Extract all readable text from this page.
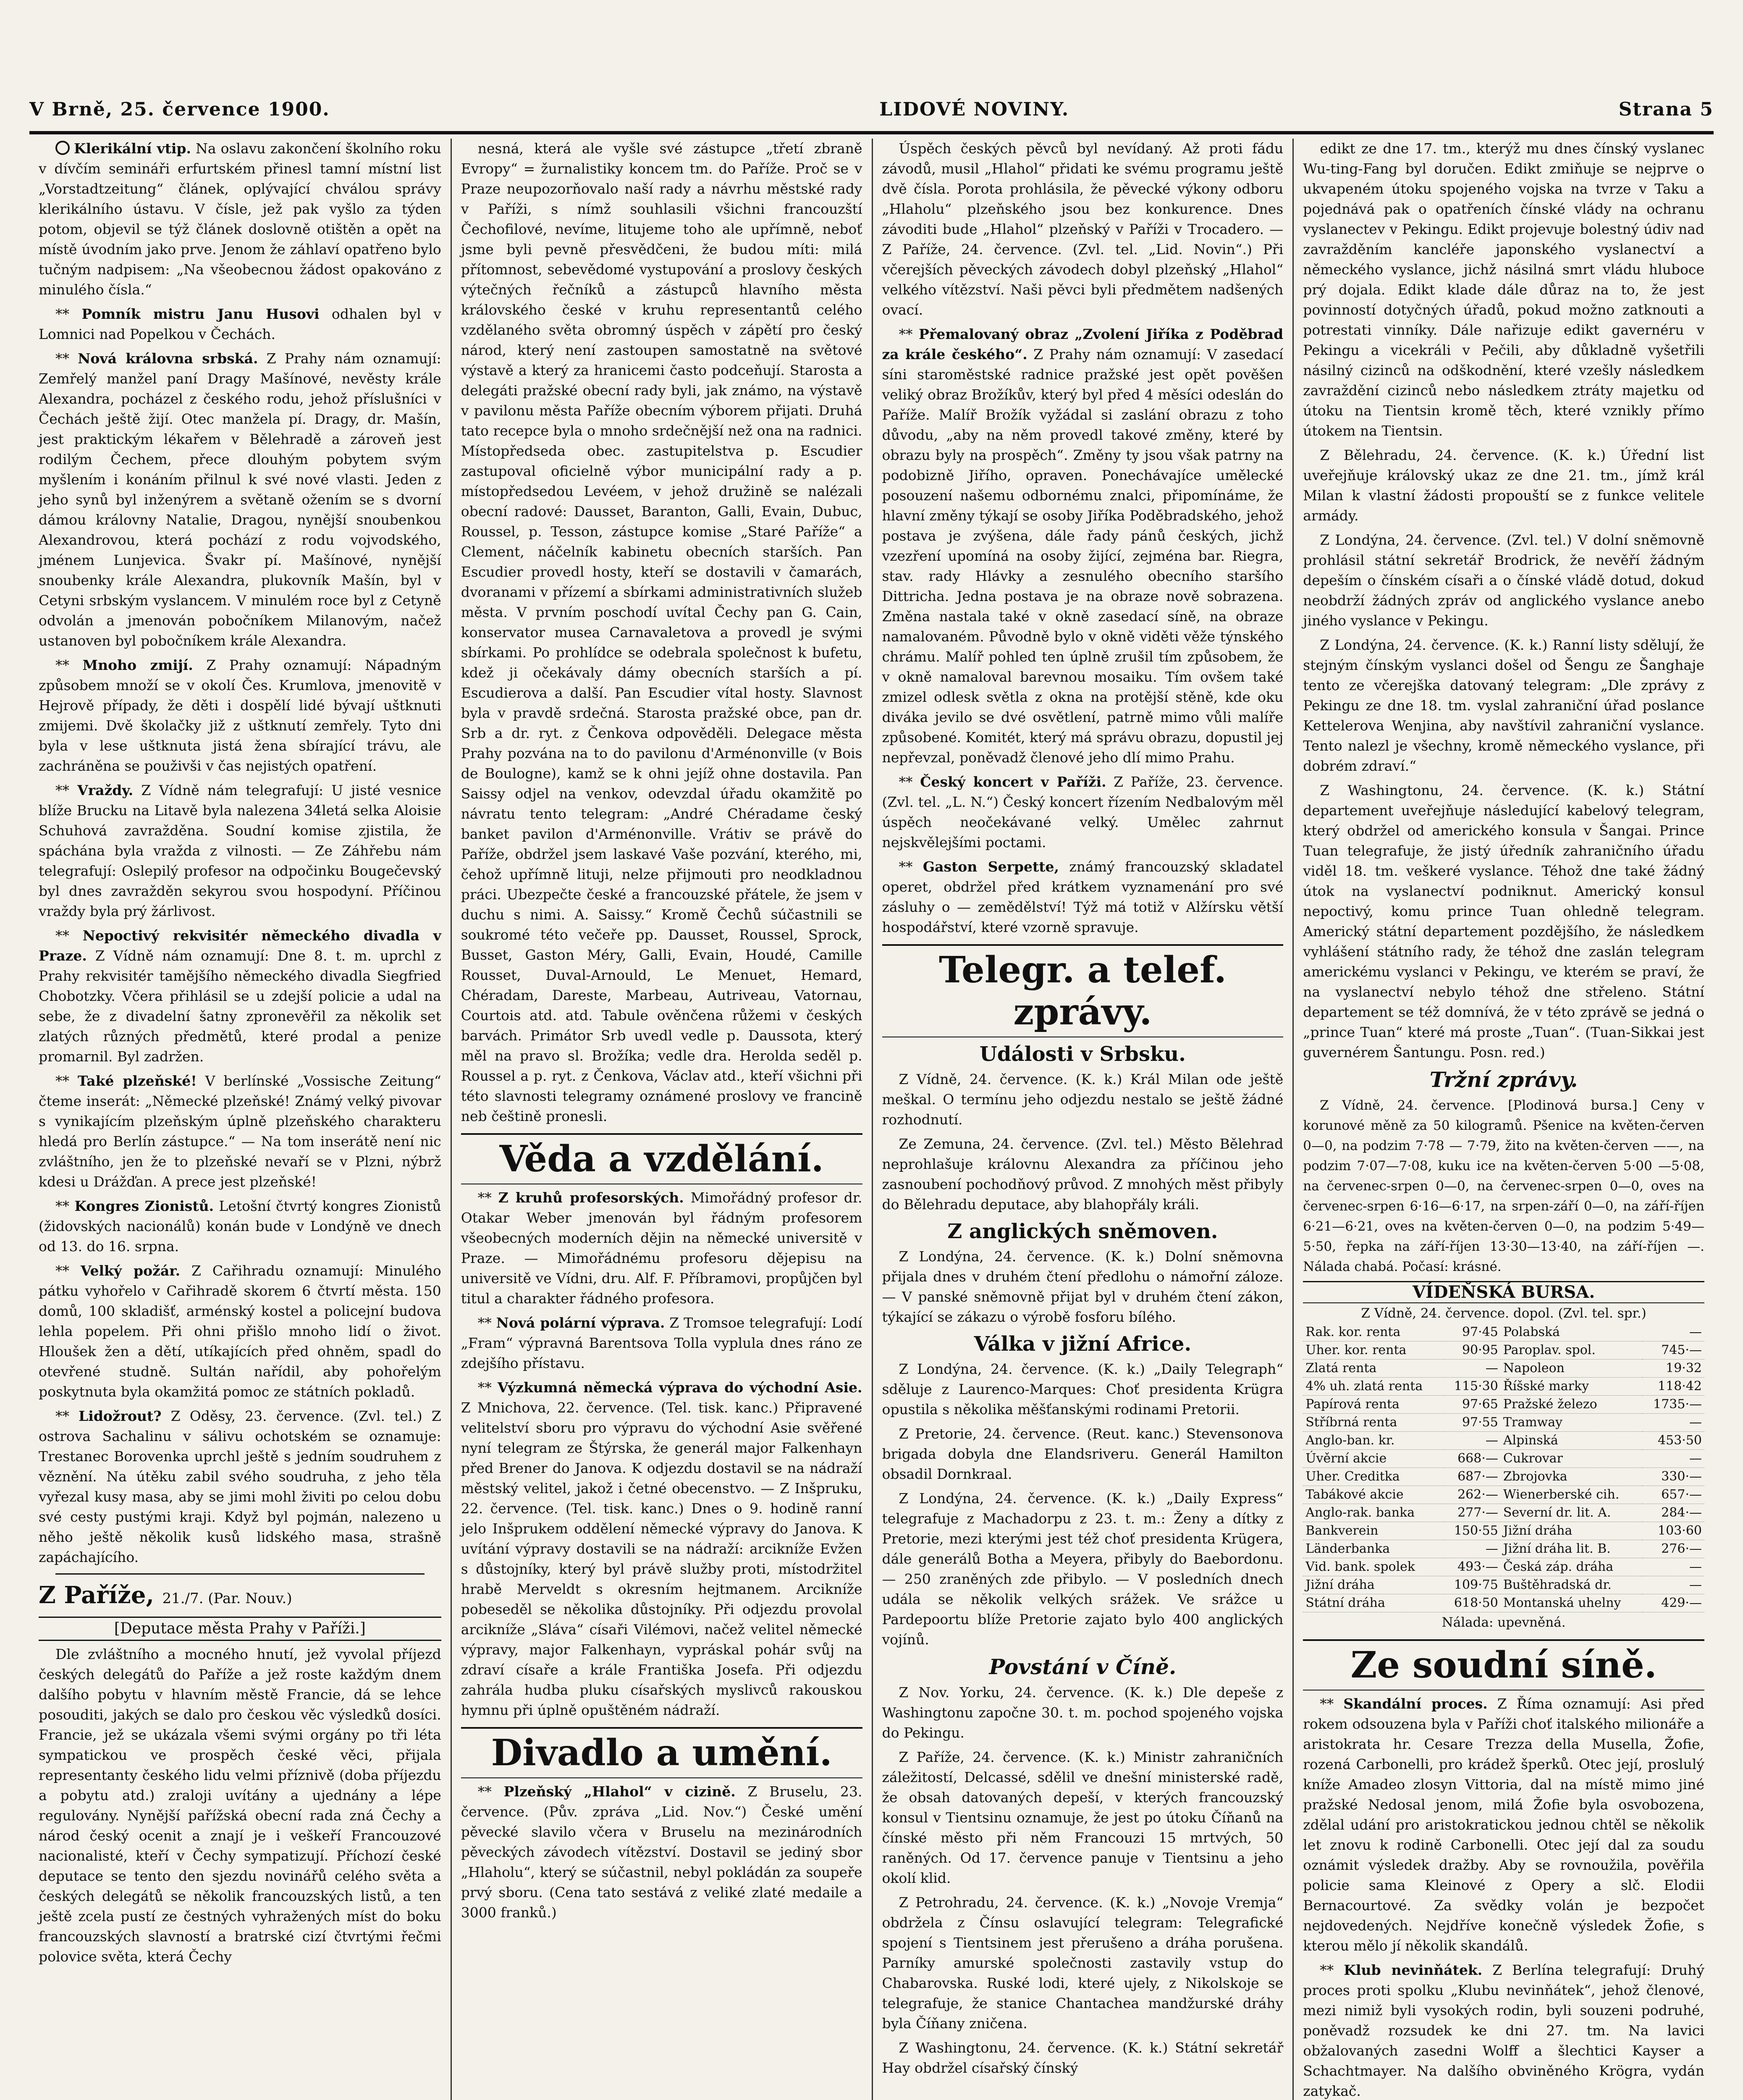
V Brně, 25. července 1900.	LIDOVÉ NOVINY.	Strana 5
Klerikální vtip. Na oslavu zakončení školního roku v dívčím semináři erfurtském přinesl tamní místní list „Vorstadtzeitung“ článek, oplývající chválou správy klerikálního ústavu. V čísle, jež pak vyšlo za týden potom, objevil se týž článek doslovně otištěn a opět na místě úvodním jako prve. Jenom že záhlaví opatřeno bylo tučným nadpisem: „Na všeobecnou žádost opakováno z minulého čísla.“
** Pomník mistru Janu Husovi odhalen byl v Lomnici nad Popelkou v Čechách.
** Nová královna srbská. Z Prahy nám oznamují: Zemřelý manžel paní Dragy Mašínové, nevěsty krále Alexandra, pocházel z českého rodu, jehož příslušníci v Čechách ještě žijí. Otec manžela pí. Dragy, dr. Mašín, jest praktickým lékařem v Bělehradě a zároveň jest rodilým Čechem, přece dlouhým pobytem svým myšlením i konáním přilnul k své nové vlasti. Jeden z jeho synů byl inženýrem a světaně ožením se s dvorní dámou královny Natalie, Dragou, nynější snoubenkou Alexandrovou, která pochází z rodu vojvodského, jménem Lunjevica. Švakr pí. Mašínové, nynější snoubenky krále Alexandra, plukovník Mašín, byl v Cetyni srbským vyslancem. V minulém roce byl z Cetyně odvolán a jmenován pobočníkem Milanovým, načež ustanoven byl pobočníkem krále Alexandra.
** Mnoho zmijí. Z Prahy oznamují: Nápadným způsobem množí se v okolí Čes. Krumlova, jmenovitě v Hejrově případy, že děti i dospělí lidé bývají uštknuti zmijemi. Dvě školačky již z uštknutí zemřely. Tyto dni byla v lese uštknuta jistá žena sbírající trávu, ale zachráněna se použivši v čas nejistých opatření.
** Vraždy. Z Vídně nám telegrafují: U jisté vesnice blíže Brucku na Litavě byla nalezena 34letá selka Aloisie Schuhová zavražděna. Soudní komise zjistila, že spáchána byla vražda z vilnosti. — Ze Záhřebu nám telegrafují: Oslepilý profesor na odpočinku Bougečevský byl dnes zavražděn sekyrou svou hospodyní. Příčinou vraždy byla prý žárlivost.
** Nepoctivý rekvisitér německého divadla v Praze. Z Vídně nám oznamují: Dne 8. t. m. uprchl z Prahy rekvisitér tamějšího německého divadla Siegfried Chobotzky. Včera přihlásil se u zdejší policie a udal na sebe, že z divadelní šatny zpronevěřil za několik set zlatých různých předmětů, které prodal a penize promarnil. Byl zadržen.
** Také plzeňské! V berlínské „Vossische Zeitung“ čteme inserát: „Německé plzeňské! Známý velký pivovar s vynikajícím plzeňským úplně plzeňského charakteru hledá pro Berlín zástupce.“ — Na tom inserátě není nic zvláštního, jen že to plzeňské nevaří se v Plzni, nýbrž kdesi u Drážďan. A prece jest plzeňské!
** Kongres Zionistů. Letošní čtvrtý kongres Zionistů (židovských nacionálů) konán bude v Londýně ve dnech od 13. do 16. srpna.
** Velký požár. Z Cařihradu oznamují: Minulého pátku vyhořelo v Cařihradě skorem 6 čtvrtí města. 150 domů, 100 skladišť, arménský kostel a policejní budova lehla popelem. Při ohni přišlo mnoho lidí o život. Hloušek žen a dětí, utíkajících před ohněm, spadl do otevřené studně. Sultán nařídil, aby pohořelým poskytnuta byla okamžitá pomoc ze státních pokladů.
** Lidožrout? Z Oděsy, 23. července. (Zvl. tel.) Z ostrova Sachalinu v sálivu ochotském se oznamuje: Trestanec Borovenka uprchl ještě s jedním soudruhem z věznění. Na útěku zabil svého soudruha, z jeho těla vyřezal kusy masa, aby se jimi mohl živiti po celou dobu své cesty pustými kraji. Když byl pojmán, nalezeno u něho ještě několik kusů lidského masa, strašně zapáchajícího.
Z Paříže, 21./7. (Par. Nouv.)
[Deputace města Prahy v Paříži.]
Dle zvláštního a mocného hnutí, jež vyvolal příjezd českých delegátů do Paříže a jež roste každým dnem dalšího pobytu v hlavním městě Francie, dá se lehce posouditi, jakých se dalo pro českou věc výsledků dosíci. Francie, jež se ukázala všemi svými orgány po tři léta sympatickou ve prospěch české věci, přijala representanty českého lidu velmi příznivě (doba příjezdu a pobytu atd.) zraloji uvítány a ujednány a lépe regulovány. Nynější pařížská obecní rada zná Čechy a národ český ocenit a znají je i veškeří Francouzové nacionalisté, kteří v Čechy sympatizují. Příchozí české deputace se tento den sjezdu novinářů celého světa a českých delegátů se několik francouzských listů, a ten ještě zcela pustí ze čestných vyhražených míst do boku francouzských slavností a bratrské cizí čtvrtými řečmi polovice světa, která Čechy
nesná, která ale vyšle své zástupce „třetí zbraně Evropy“ = žurnalistiky koncem tm. do Paříže. Proč se v Praze neupozorňovalo naší rady a návrhu městské rady v Paříži, s nímž souhlasili všichni francouzští Čechofilové, nevíme, litujeme toho ale upřímně, neboť jsme byli pevně přesvědčeni, že budou míti: milá přítomnost, sebevědomé vystupování a proslovy českých výtečných řečníků a zástupců hlavního města královského české v kruhu representantů celého vzdělaného světa obromný úspěch v zápětí pro český národ, který není zastoupen samostatně na světové výstavě a který za hranicemi často podceňují. Starosta a delegáti pražské obecní rady byli, jak známo, na výstavě v pavilonu města Paříže obecním výborem přijati. Druhá tato recepce byla o mnoho srdečnější než ona na radnici. Místopředseda obec. zastupitelstva p. Escudier zastupoval oficielně výbor municipální rady a p. místopředsedou Levéem, v jehož družině se nalézali obecní radové: Dausset, Baranton, Galli, Evain, Dubuc, Roussel, p. Tesson, zástupce komise „Staré Paříže“ a Clement, náčelník kabinetu obecních starších. Pan Escudier provedl hosty, kteří se dostavili v čamarách, dvoranami v přízemí a sbírkami administrativních služeb města. V prvním poschodí uvítal Čechy pan G. Cain, konservator musea Carnavaletova a provedl je svými sbírkami. Po prohlídce se odebrala společnost k bufetu, kdež ji očekávaly dámy obecních starších a pí. Escudierova a další. Pan Escudier vítal hosty. Slavnost byla v pravdě srdečná. Starosta pražské obce, pan dr. Srb a dr. ryt. z Čenkova odpověděli. Delegace města Prahy pozvána na to do pavilonu d'Arménonville (v Bois de Boulogne), kamž se k ohni jejíž ohne dostavila. Pan Saissy odjel na venkov, odevzdal úřadu okamžitě po návratu tento telegram: „André Chéradame český banket pavilon d'Arménonville. Vrátiv se právě do Paříže, obdržel jsem laskavé Vaše pozvání, kterého, mi, čehož upřímně lituji, nelze přijmouti pro neodkladnou práci. Ubezpečte české a francouzské přátele, že jsem v duchu s nimi. A. Saissy.“ Kromě Čechů súčastnili se soukromé této večeře pp. Dausset, Roussel, Sprock, Busset, Gaston Méry, Galli, Evain, Houdé, Camille Rousset, Duval-Arnould, Le Menuet, Hemard, Chéradam, Dareste, Marbeau, Autriveau, Vatornau, Courtois atd. atd. Tabule ověnčena růžemi v českých barvách. Primátor Srb uvedl vedle p. Daussota, který měl na pravo sl. Brožíka; vedle dra. Herolda seděl p. Roussel a p. ryt. z Čenkova, Václav atd., kteří všichni při této slavnosti telegramy oznámené proslovy ve francině neb češtině pronesli.
Věda a vzdělání.
** Z kruhů profesorských. Mimořádný profesor dr. Otakar Weber jmenován byl řádným profesorem všeobecných moderních dějin na německé universitě v Praze. — Mimořádnému profesoru dějepisu na universitě ve Vídni, dru. Alf. F. Příbramovi, propůjčen byl titul a charakter řádného profesora.
** Nová polární výprava. Z Tromsoe telegrafují: Lodí „Fram“ výpravná Barentsova Tolla vyplula dnes ráno ze zdejšího přístavu.
** Výzkumná německá výprava do východní Asie. Z Mnichova, 22. července. (Tel. tisk. kanc.) Připravené velitelství sboru pro výpravu do východní Asie svěřené nyní telegram ze Štýrska, že generál major Falkenhayn před Brener do Janova. K odjezdu dostavil se na nádraží městský velitel, jakož i četné obecenstvo. — Z Inšpruku, 22. července. (Tel. tisk. kanc.) Dnes o 9. hodině ranní jelo Inšprukem oddělení německé výpravy do Janova. K uvítání výpravy dostavili se na nádraží: arcikníže Evžen s důstojníky, který byl právě služby proti, místodržitel hrabě Merveldt s okresním hejtmanem. Arcikníže pobeseděl se několika důstojníky. Při odjezdu provolal arcikníže „Sláva“ císaři Vilémovi, načež velitel německé výpravy, major Falkenhayn, vypráskal pohár svůj na zdraví císaře a krále Františka Josefa. Při odjezdu zahrála hudba pluku císařských myslivců rakouskou hymnu při úplně opuštěném nádraží.
Divadlo a umění.
** Plzeňský „Hlahol“ v cizině. Z Bruselu, 23. července. (Pův. zpráva „Lid. Nov.“) České umění pěvecké slavilo včera v Bruselu na mezinárodních pěveckých závodech vítězství. Dostavil se jediný sbor „Hlaholu“, který se súčastnil, nebyl pokládán za soupeře prvý sboru. (Cena tato sestává z veliké zlaté medaile a 3000 franků.)
Úspěch českých pěvců byl nevídaný. Až proti fádu závodů, musil „Hlahol“ přidati ke svému programu ještě dvě čísla. Porota prohlásila, že pěvecké výkony odboru „Hlaholu“ plzeňského jsou bez konkurence. Dnes závoditi bude „Hlahol“ plzeňský v Paříži v Trocadero. — Z Paříže, 24. července. (Zvl. tel. „Lid. Novin“.) Při včerejších pěveckých závodech dobyl plzeňský „Hlahol“ velkého vítězství. Naši pěvci byli předmětem nadšených ovací.
** Přemalovaný obraz „Zvolení Jiříka z Poděbrad za krále českého“. Z Prahy nám oznamují: V zasedací síni staroměstské radnice pražské jest opět pověšen veliký obraz Brožíkův, který byl před 4 měsíci odeslán do Paříže. Malíř Brožík vyžádal si zaslání obrazu z toho důvodu, „aby na něm provedl takové změny, které by obrazu byly na prospěch“. Změny ty jsou však patrny na podobizně Jiřího, opraven. Ponechávajíce umělecké posouzení našemu odbornému znalci, připomínáme, že hlavní změny týkají se osoby Jiříka Poděbradského, jehož postava je zvýšena, dále řady pánů českých, jichž vzezření upomíná na osoby žijící, zejména bar. Riegra, stav. rady Hlávky a zesnulého obecního staršího Dittricha. Jedna postava je na obraze nově sobrazena. Změna nastala také v okně zasedací síně, na obraze namalovaném. Původně bylo v okně viděti věže týnského chrámu. Malíř pohled ten úplně zrušil tím způsobem, že v okně namaloval barevnou mosaiku. Tím ovšem také zmizel odlesk světla z okna na protější stěně, kde oku diváka jevilo se dvé osvětlení, patrně mimo vůli malíře způsobené. Komitét, který má správu obrazu, dopustil jej nepřevzal, poněvadž členové jeho dlí mimo Prahu.
** Český koncert v Paříži. Z Paříže, 23. července. (Zvl. tel. „L. N.“) Český koncert řízením Nedbalovým měl úspěch neočekávané velký. Umělec zahrnut nejskvělejšími poctami.
** Gaston Serpette, známý francouzský skladatel operet, obdržel před krátkem vyznamenání pro své zásluhy o — zemědělství! Týž má totiž v Alžírsku větší hospodářství, které vzorně spravuje.
Telegr. a telef. zprávy.
Události v Srbsku.
Z Vídně, 24. července. (K. k.) Král Milan ode ještě meškal. O termínu jeho odjezdu nestalo se ještě žádné rozhodnutí.
Ze Zemuna, 24. července. (Zvl. tel.) Město Bělehrad neprohlašuje královnu Alexandra za příčinou jeho zasnoubení pochodňový průvod. Z mnohých měst přibyly do Bělehradu deputace, aby blahopřály králi.
Z anglických sněmoven.
Z Londýna, 24. července. (K. k.) Dolní sněmovna přijala dnes v druhém čtení předlohu o námořní záloze. — V panské sněmovně přijat byl v druhém čtení zákon, týkající se zákazu o výrobě fosforu bílého.
Válka v jižní Africe.
Z Londýna, 24. července. (K. k.) „Daily Telegraph“ sděluje z Laurenco-Marques: Choť presidenta Krügra opustila s několika měšťanskými rodinami Pretorii.
Z Pretorie, 24. července. (Reut. kanc.) Stevensonova brigada dobyla dne Elandsriveru. Generál Hamilton obsadil Dornkraal.
Z Londýna, 24. července. (K. k.) „Daily Express“ telegrafuje z Machadorpu z 23. t. m.: Ženy a dítky z Pretorie, mezi kterými jest též choť presidenta Krügera, dále generálů Botha a Meyera, přibyly do Baebordonu. — 250 zraněných zde přibylo. — V posledních dnech udála se několik velkých srážek. Ve srážce u Pardepoortu blíže Pretorie zajato bylo 400 anglických vojínů.
Povstání v Číně.
Z Nov. Yorku, 24. července. (K. k.) Dle depeše z Washingtonu započne 30. t. m. pochod spojeného vojska do Pekingu.
Z Paříže, 24. července. (K. k.) Ministr zahraničních záležitostí, Delcassé, sdělil ve dnešní ministerské radě, že obsah datovaných depeší, v kterých francouzský konsul v Tientsinu oznamuje, že jest po útoku Číňanů na čínské město při něm Francouzi 15 mrtvých, 50 raněných. Od 17. července panuje v Tientsinu a jeho okolí klid.
Z Petrohradu, 24. července. (K. k.) „Novoje Vremja“ obdržela z Čínsu oslavující telegram: Telegrafické spojení s Tientsinem jest přerušeno a dráha porušena. Parníky amurské společnosti zastavily vstup do Chabarovska. Ruské lodi, které ujely, z Nikolskoje se telegrafuje, že stanice Chantachea mandžurské dráhy byla Číňany zničena.
Z Washingtonu, 24. července. (K. k.) Státní sekretář Hay obdržel císařský čínský
edikt ze dne 17. tm., kterýž mu dnes čínský vyslanec Wu-ting-Fang byl doručen. Edikt zmiňuje se nejprve o ukvapeném útoku spojeného vojska na tvrze v Taku a pojednává pak o opatřeních čínské vlády na ochranu vyslanectev v Pekingu. Edikt projevuje bolestný údiv nad zavražděním kancléře japonského vyslanectví a německého vyslance, jichž násilná smrt vládu hluboce prý dojala. Edikt klade dále důraz na to, že jest povinností dotyčných úřadů, pokud možno zatknouti a potrestati vinníky. Dále nařizuje edikt gavernéru v Pekingu a vicekráli v Pečili, aby důkladně vyšetřili násilný cizinců na odškodnění, které vzešly následkem zavraždění cizinců nebo následkem ztráty majetku od útoku na Tientsin kromě těch, které vznikly přímo útokem na Tientsin.
Z Bělehradu, 24. července. (K. k.) Úřední list uveřejňuje královský ukaz ze dne 21. tm., jímž král Milan k vlastní žádosti propouští se z funkce velitele armády.
Z Londýna, 24. července. (Zvl. tel.) V dolní sněmovně prohlásil státní sekretář Brodrick, že nevěří žádným depeším o čínském císaři a o čínské vládě dotud, dokud neobdrží žádných zpráv od anglického vyslance anebo jiného vyslance v Pekingu.
Z Londýna, 24. července. (K. k.) Ranní listy sdělují, že stejným čínským vyslanci došel od Šengu ze Šanghaje tento ze včerejška datovaný telegram: „Dle zprávy z Pekingu ze dne 18. tm. vyslal zahraniční úřad poslance Kettelerova Wenjina, aby navštívil zahraniční vyslance. Tento nalezl je všechny, kromě německého vyslance, při dobrém zdraví.“
Z Washingtonu, 24. července. (K. k.) Státní departement uveřejňuje následující kabelový telegram, který obdržel od amerického konsula v Šangai. Prince Tuan telegrafuje, že jistý úředník zahraničního úřadu viděl 18. tm. veškeré vyslance. Téhož dne také žádný útok na vyslanectví podniknut. Americký konsul nepoctivý, komu prince Tuan ohledně telegram. Americký státní departement pozdějšího, že následkem vyhlášení státního rady, že téhož dne zaslán telegram americkému vyslanci v Pekingu, ve kterém se praví, že na vyslanectví nebylo téhož dne střeleno. Státní departement se též domnívá, že v této zprávě se jedná o „prince Tuan“ které má proste „Tuan“. (Tuan-Sikkai jest guvernérem Šantungu. Posn. red.)
Tržní zprávy.
Z Vídně, 24. července. [Plodinová bursa.] Ceny v korunové měně za 50 kilogramů. Pšenice na květen-červen 0—0, na podzim 7·78 — 7·79, žito na květen-červen ——, na podzim 7·07—7·08, kuku ice na květen-červen 5·00 —5·08, na červenec-srpen 0—0, na červenec-srpen 0—0, oves na červenec-srpen 6·16—6·17, na srpen-září 0—0, na září-říjen 6·21—6·21, oves na květen-červen 0—0, na podzim 5·49—5·50, řepka na září-říjen 13·30—13·40, na září-říjen —. Nálada chabá. Počasí: krásné.
VÍDEŇSKÁ BURSA.
Z Vídně, 24. července. dopol. (Zvl. tel. spr.)
Rak. kor. renta	97·45	Polabská	—
Uher. kor. renta	90·95	Paroplav. spol.	745·—
Zlatá renta	—	Napoleon	19·32
4% uh. zlatá renta	115·30	Říšské marky	118·42
Papírová renta	97·65	Pražské železo	1735·—
Stříbrná renta	97·55	Tramway	—
Anglo-ban. kr.	—	Alpinská	453·50
Úvěrní akcie	668·—	Cukrovar	—
Uher. Creditka	687·—	Zbrojovka	330·—
Tabákové akcie	262·—	Wienerberské cih.	657·—
Anglo-rak. banka	277·—	Severní dr. lit. A.	284·—
Bankverein	150·55	Jižní dráha	103·60
Länderbanka	—	Jižní dráha lit. B.	276·—
Vid. bank. spolek	493·—	Česká záp. dráha	—
Jižní dráha	109·75	Buštěhradská dr.	—
Státní dráha	618·50	Montanská uhelny	429·—
Nálada: upevněná.
Ze soudní síně.
** Skandální proces. Z Říma oznamují: Asi před rokem odsouzena byla v Paříži choť italského milionáře a aristokrata hr. Cesare Trezza della Musella, Žofie, rozená Carbonelli, pro krádež šperků. Otec její, proslulý kníže Amadeo zlosyn Vittoria, dal na místě mimo jiné pražské Nedosal jenom, milá Žofie byla osvobozena, zdělal udání pro aristokratickou jednou chtěl se několik let znovu k rodině Carbonelli. Otec její dal za soudu oznámit výsledek dražby. Aby se rovnoužila, pověřila policie sama Kleinové z Opery a slč. Elodii Bernacourtové. Za svědky volán je bezpočet nejdovedených. Nejdříve konečně výsledek Žofie, s kterou mělo jí několik skandálů.
** Klub nevinňátek. Z Berlína telegrafují: Druhý proces proti spolku „Klubu nevinňátek“, jehož členové, mezi nimiž byli vysokých rodin, byli souzeni podruhé, poněvadž rozsudek ke dni 27. tm. Na lavici obžalovaných zasedni Wolff a šlechtici Kayser a Schachtmayer. Na dalšího obviněného Krögra, vydán zatykač.
